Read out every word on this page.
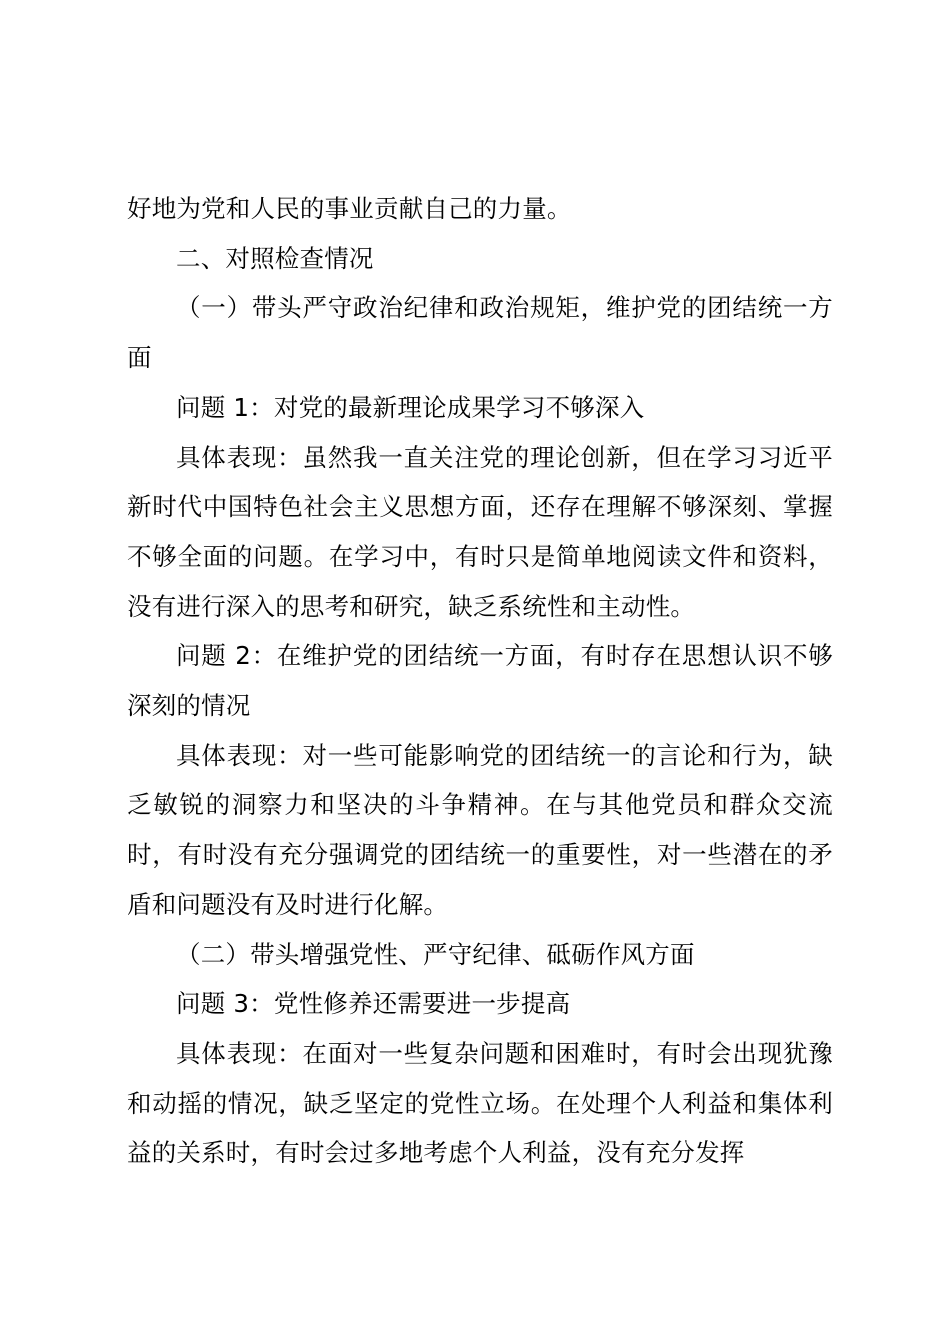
好地为党和人民的事业贡献自己的力量。

二、对照检查情况

（一）带头严守政治纪律和政治规矩，维护党的团结统一方面

问题 1：对党的最新理论成果学习不够深入

具体表现：虽然我一直关注党的理论创新，但在学习习近平新时代中国特色社会主义思想方面，还存在理解不够深刻、掌握不够全面的问题。在学习中，有时只是简单地阅读文件和资料，没有进行深入的思考和研究，缺乏系统性和主动性。

问题 2：在维护党的团结统一方面，有时存在思想认识不够深刻的情况

具体表现：对一些可能影响党的团结统一的言论和行为，缺乏敏锐的洞察力和坚决的斗争精神。在与其他党员和群众交流时，有时没有充分强调党的团结统一的重要性，对一些潜在的矛盾和问题没有及时进行化解。

（二）带头增强党性、严守纪律、砥砺作风方面

问题 3：党性修养还需要进一步提高

具体表现：在面对一些复杂问题和困难时，有时会出现犹豫和动摇的情况，缺乏坚定的党性立场。在处理个人利益和集体利益的关系时，有时会过多地考虑个人利益，没有充分发挥
